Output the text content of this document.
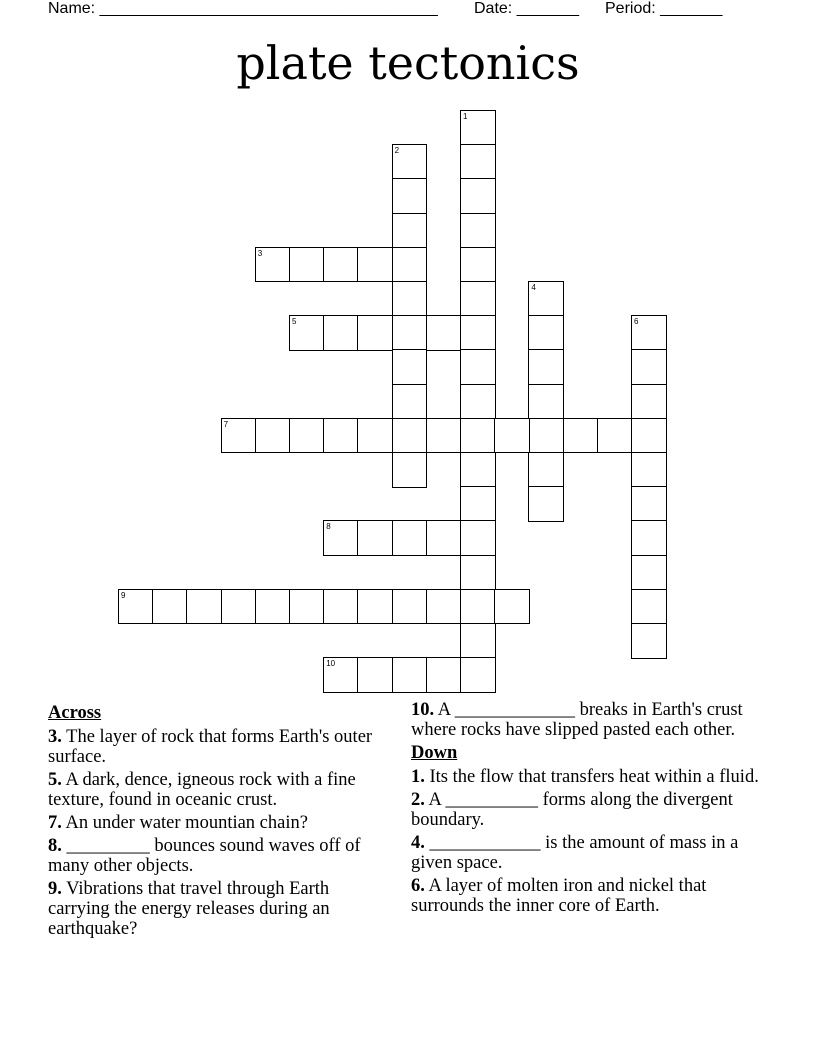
Name: ______________________________________ Date: _______ Period: _______
plate tectonics
1
2
3
4
5	6
7
8
9
10
Across
3. The layer of rock that forms Earth's outer surface.
5. A dark, dence, igneous rock with a fine texture, found in oceanic crust.
7. An under water mountian chain?
8. _________ bounces sound waves off of many other objects.
9. Vibrations that travel through Earth carrying the energy releases during an earthquake?
10. A _____________ breaks in Earth's crust where rocks have slipped pasted each other.
Down
1. Its the flow that transfers heat within a fluid.
2. A __________ forms along the divergent boundary.
4. ____________ is the amount of mass in a given space.
6. A layer of molten iron and nickel that surrounds the inner core of Earth.
